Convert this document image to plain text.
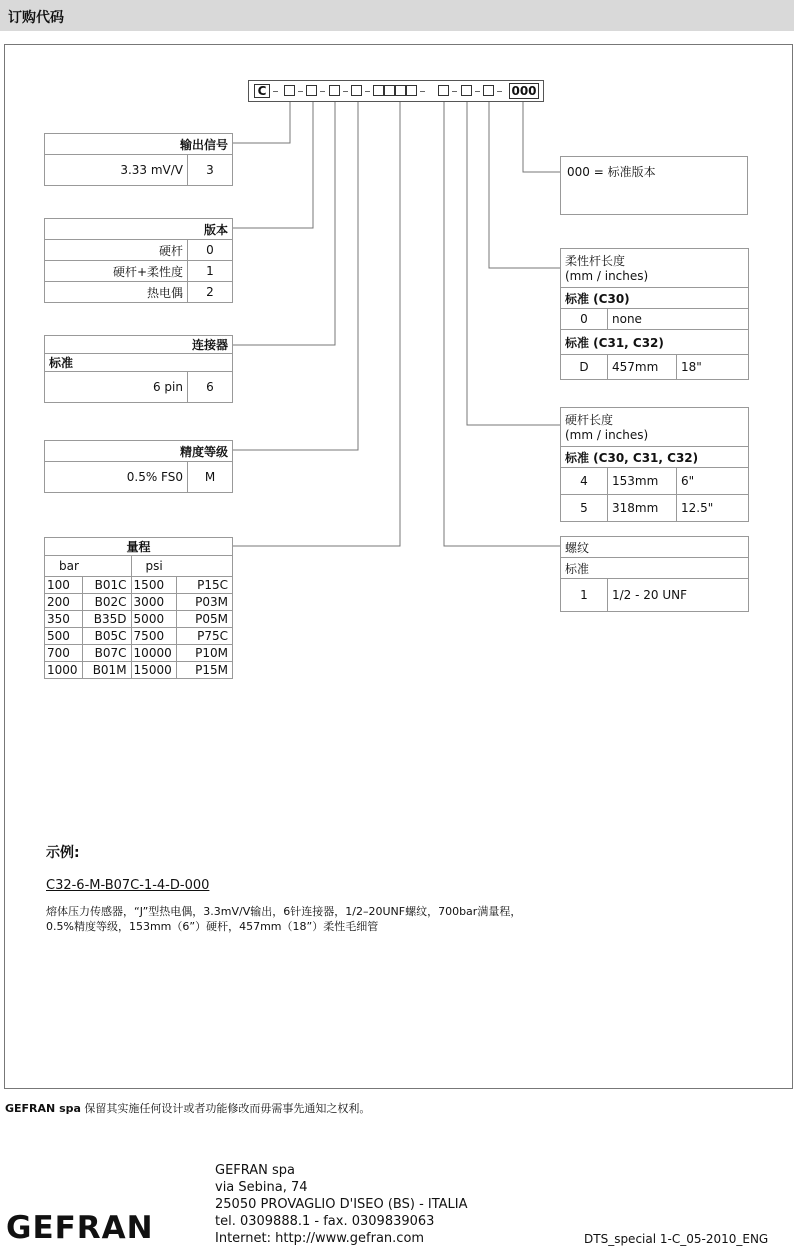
订购代码
C	000
输出信号
3.33 mV/V	3
版本	
硬杆	0
硬杆+柔性度	1
热电偶	2
连接器
标准
6 pin	6
精度等级
0.5% FS0	M
量程			
bar		psi	
100	B01C	1500	P15C
200	B02C	3000	P03M
350	B35D	5000	P05M
500	B05C	7500	P75C
700	B07C	10000	P10M
1000	B01M	15000	P15M
000 = 标准版本
柔性杆长度
(mm / inches)		
标准 (C30)		
0	none	
标准 (C31, C32)		
D	457mm	18"
硬杆长度
(mm / inches)		
标准 (C30, C31, C32)		
4	153mm	6"
5	318mm	12.5"
螺纹
标准
1	1/2 - 20 UNF
示例:
C32-6-M-B07C-1-4-D-000
熔体压力传感器，“J”型热电偶，3.3mV/V输出，6针连接器，1/2–20UNF螺纹，700bar满量程，
0.5%精度等级，153mm（6”）硬杆，457mm（18”）柔性毛细管
GEFRAN spa 保留其实施任何设计或者功能修改而毋需事先通知之权利。
GEFRAN
GEFRAN spa
via Sebina, 74
25050 PROVAGLIO D'ISEO (BS) - ITALIA
tel. 0309888.1 - fax. 0309839063
Internet: http://www.gefran.com	DTS_special 1-C_05-2010_ENG
